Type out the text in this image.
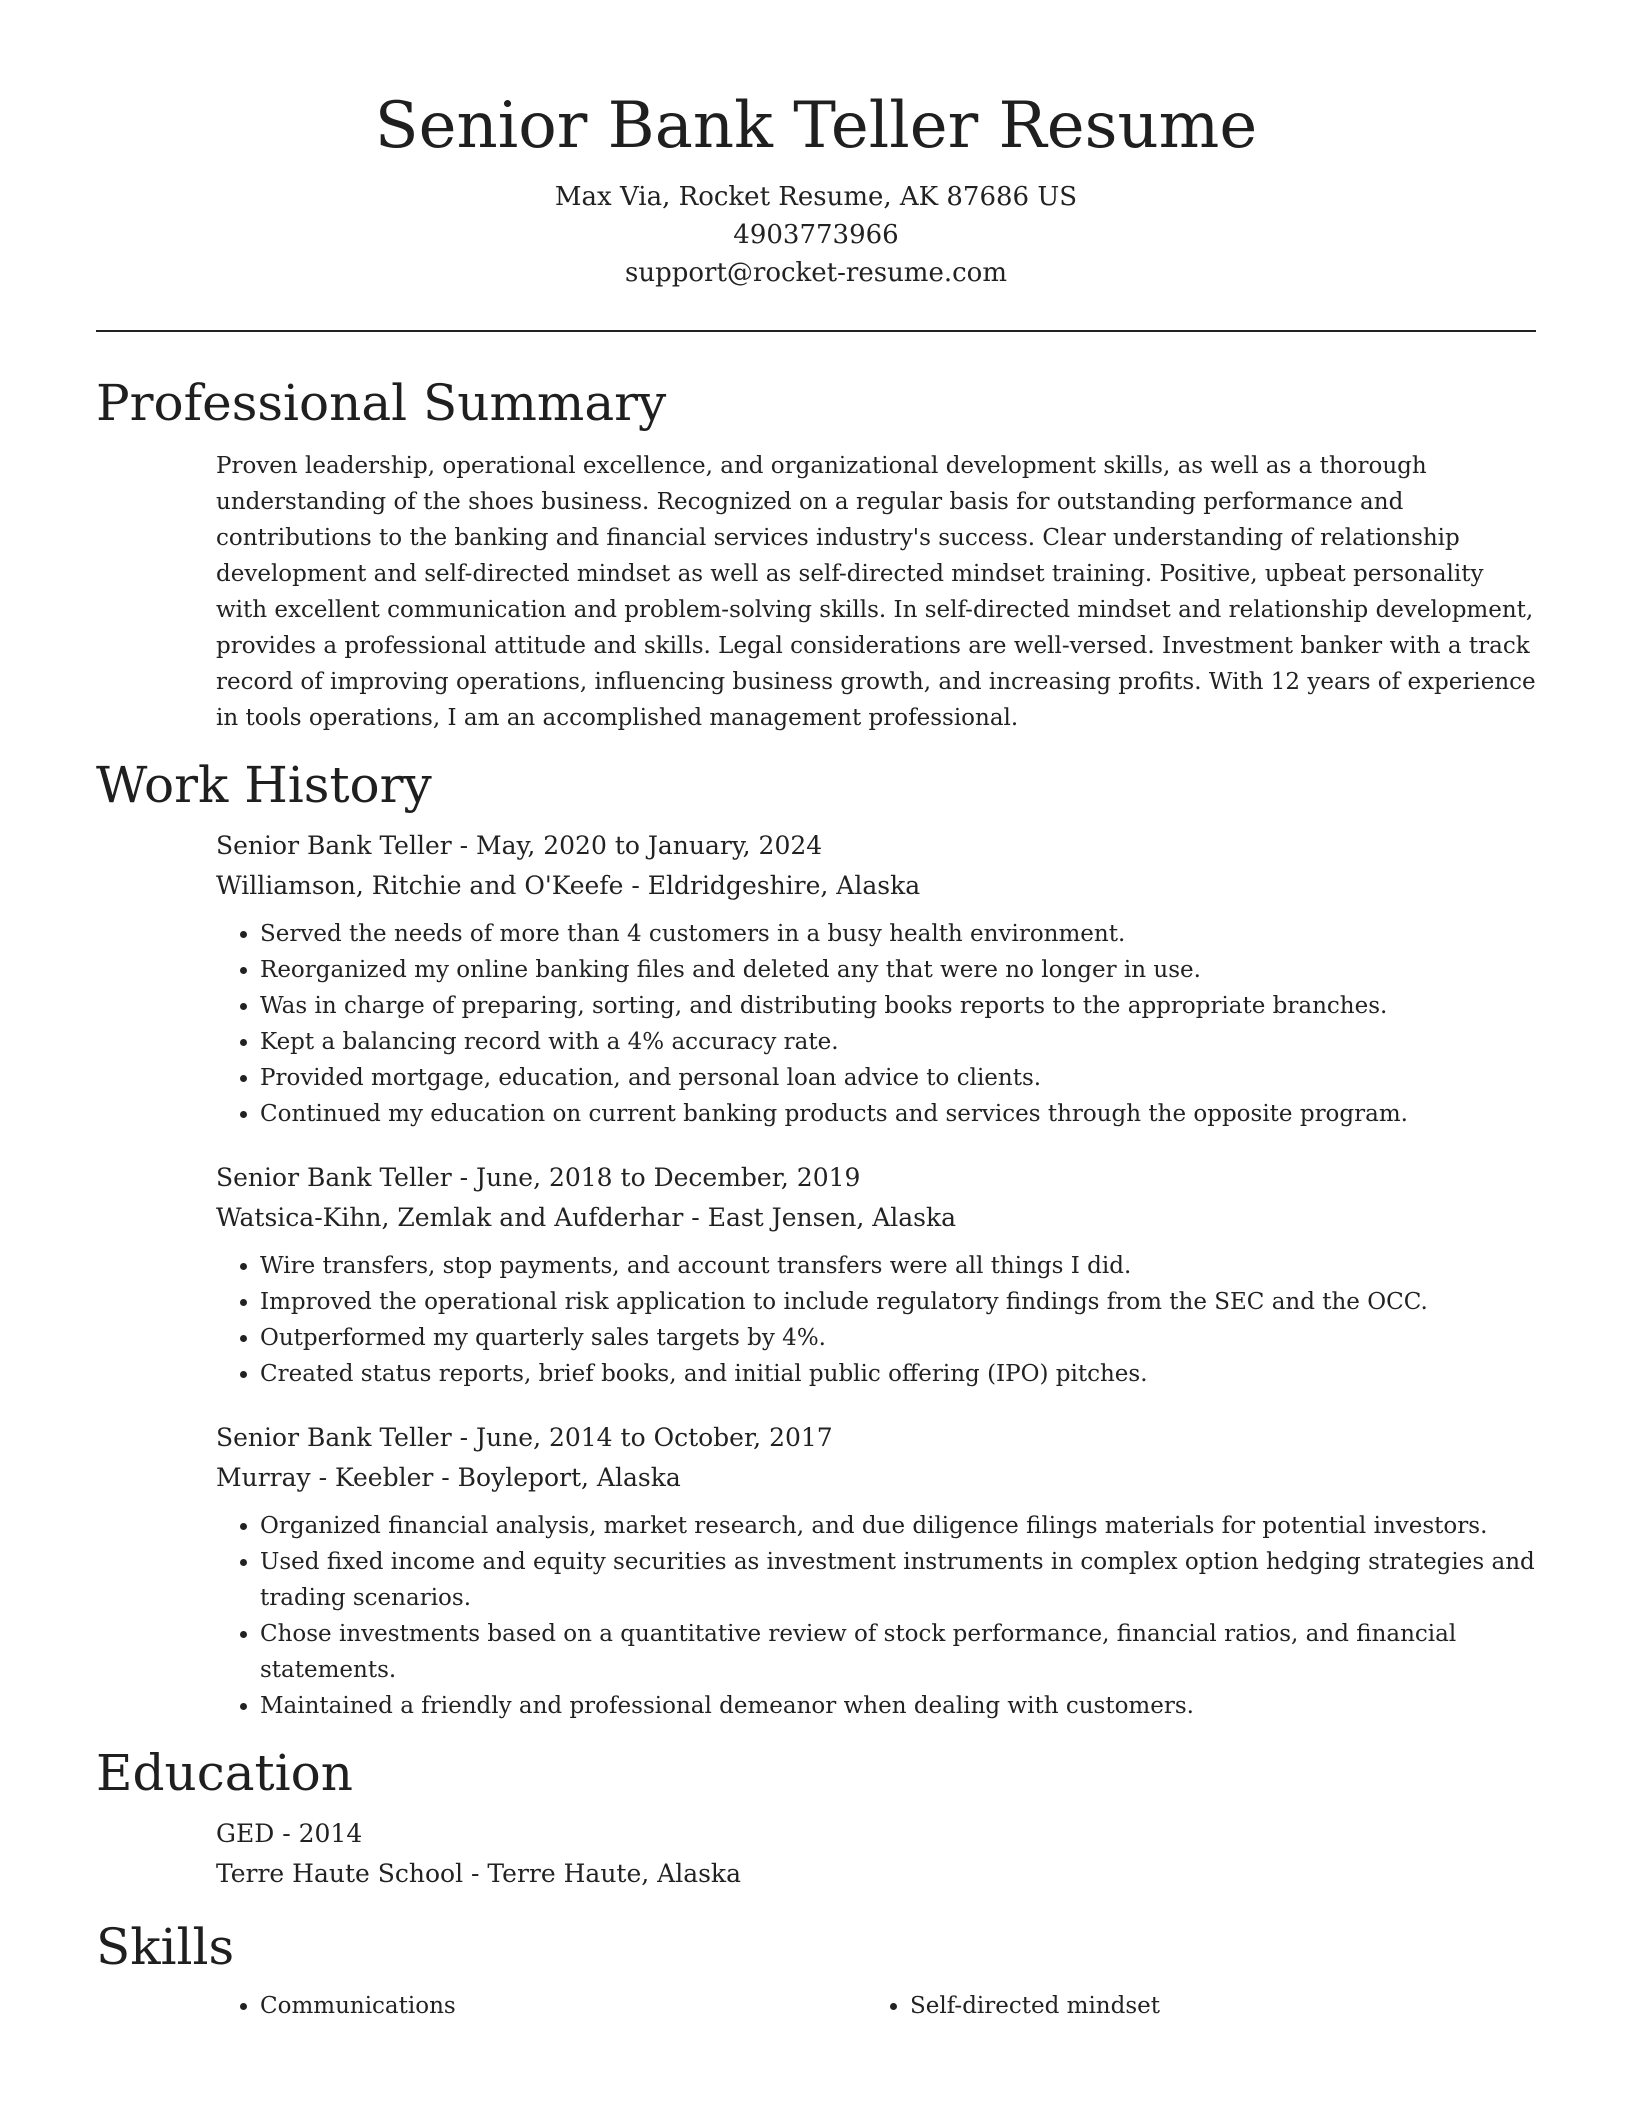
Senior Bank Teller Resume

Max Via, Rocket Resume, AK 87686 US

4903773966

support@rocket-resume.com

Professional Summary

Proven leadership, operational excellence, and organizational development skills, as well as a thorough understanding of the shoes business. Recognized on a regular basis for outstanding performance and contributions to the banking and financial services industry's success. Clear understanding of relationship development and self-directed mindset as well as self-directed mindset training. Positive, upbeat personality with excellent communication and problem-solving skills. In self-directed mindset and relationship development, provides a professional attitude and skills. Legal considerations are well-versed. Investment banker with a track record of improving operations, influencing business growth, and increasing profits. With 12 years of experience in tools operations, I am an accomplished management professional.

Work History

Senior Bank Teller - May, 2020 to January, 2024

Williamson, Ritchie and O'Keefe - Eldridgeshire, Alaska

• Served the needs of more than 4 customers in a busy health environment.
• Reorganized my online banking files and deleted any that were no longer in use.
• Was in charge of preparing, sorting, and distributing books reports to the appropriate branches.
• Kept a balancing record with a 4% accuracy rate.
• Provided mortgage, education, and personal loan advice to clients.
• Continued my education on current banking products and services through the opposite program.

Senior Bank Teller - June, 2018 to December, 2019

Watsica-Kihn, Zemlak and Aufderhar - East Jensen, Alaska

• Wire transfers, stop payments, and account transfers were all things I did.
• Improved the operational risk application to include regulatory findings from the SEC and the OCC.
• Outperformed my quarterly sales targets by 4%.
• Created status reports, brief books, and initial public offering (IPO) pitches.

Senior Bank Teller - June, 2014 to October, 2017

Murray - Keebler - Boyleport, Alaska

• Organized financial analysis, market research, and due diligence filings materials for potential investors.
• Used fixed income and equity securities as investment instruments in complex option hedging strategies and trading scenarios.
• Chose investments based on a quantitative review of stock performance, financial ratios, and financial statements.
• Maintained a friendly and professional demeanor when dealing with customers.
Education

GED - 2014

Terre Haute School - Terre Haute, Alaska

Skills
• Communications
•	Self-directed mindset
